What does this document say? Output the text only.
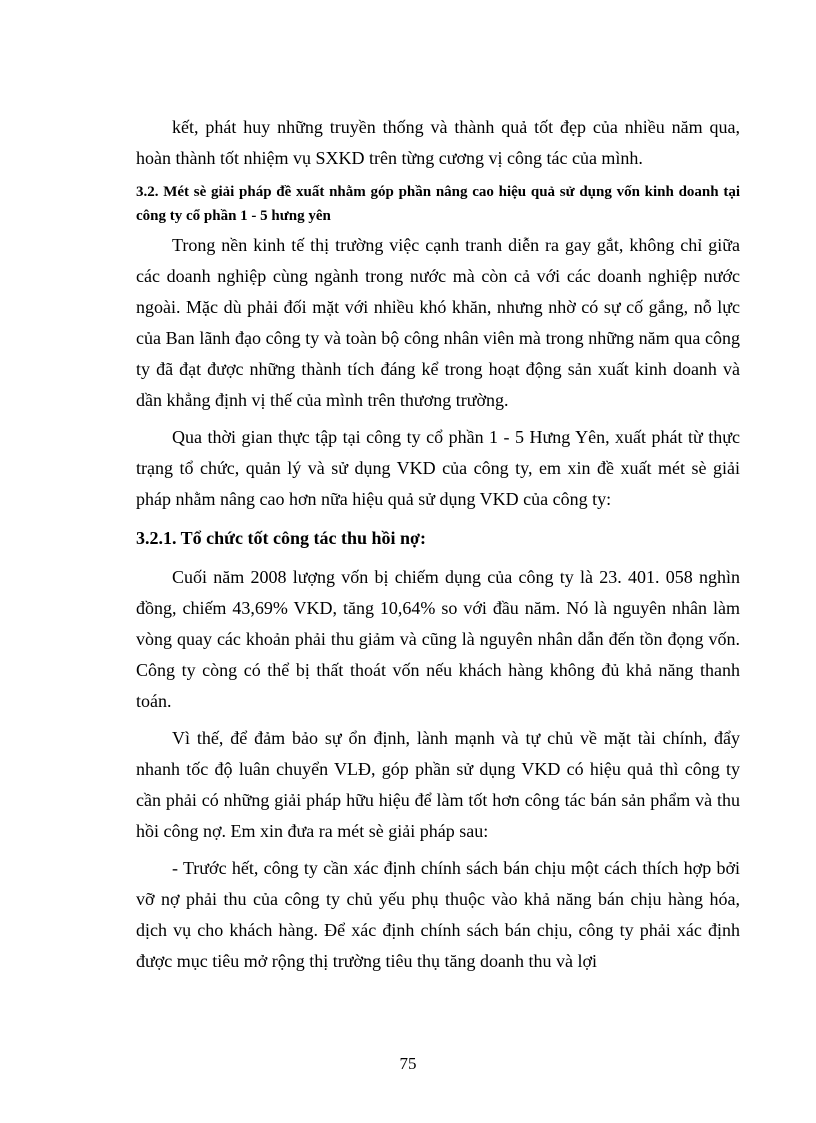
kết, phát huy những truyền thống và thành quả tốt đẹp của nhiều năm qua, hoàn thành tốt nhiệm vụ SXKD trên từng cương vị công tác của mình.

3.2. Mét sè giải pháp đề xuất nhằm góp phần nâng cao hiệu quả sử dụng vốn kinh doanh tại công ty cổ phần 1 - 5 hưng yên

Trong nền kinh tế thị trường việc cạnh tranh diễn ra gay gắt, không chỉ giữa các doanh nghiệp cùng ngành trong nước mà còn cả với các doanh nghiệp nước ngoài. Mặc dù phải đối mặt với nhiều khó khăn, nhưng nhờ có sự cố gắng, nỗ lực của Ban lãnh đạo công ty và toàn bộ công nhân viên mà trong những năm qua công ty đã đạt được những thành tích đáng kể trong hoạt động sản xuất kinh doanh và dần khẳng định vị thế của mình trên thương trường.

Qua thời gian thực tập tại công ty cổ phần 1 - 5 Hưng Yên, xuất phát từ thực trạng tổ chức, quản lý và sử dụng VKD của công ty, em xin đề xuất mét sè giải pháp nhằm nâng cao hơn nữa hiệu quả sử dụng VKD của công ty:

3.2.1. Tổ chức tốt công tác thu hồi nợ:

Cuối năm 2008 lượng vốn bị chiếm dụng của công ty là 23. 401. 058 nghìn đồng, chiếm 43,69% VKD, tăng 10,64% so với đầu năm. Nó là nguyên nhân làm vòng quay các khoản phải thu giảm và cũng là nguyên nhân dẫn đến tồn đọng vốn. Công ty còng có thể bị thất thoát vốn nếu khách hàng không đủ khả năng thanh toán.

Vì thế, để đảm bảo sự ổn định, lành mạnh và tự chủ về mặt tài chính, đẩy nhanh tốc độ luân chuyển VLĐ, góp phần sử dụng VKD có hiệu quả thì công ty cần phải có những giải pháp hữu hiệu để làm tốt hơn công tác bán sản phẩm và thu hồi công nợ. Em xin đưa ra mét sè giải pháp sau:

- Trước hết, công ty cần xác định chính sách bán chịu một cách thích hợp bởi vỡ nợ phải thu của công ty chủ yếu phụ thuộc vào khả năng bán chịu hàng hóa, dịch vụ cho khách hàng. Để xác định chính sách bán chịu, công ty phải xác định được mục tiêu mở rộng thị trường tiêu thụ tăng doanh thu và lợi

75
